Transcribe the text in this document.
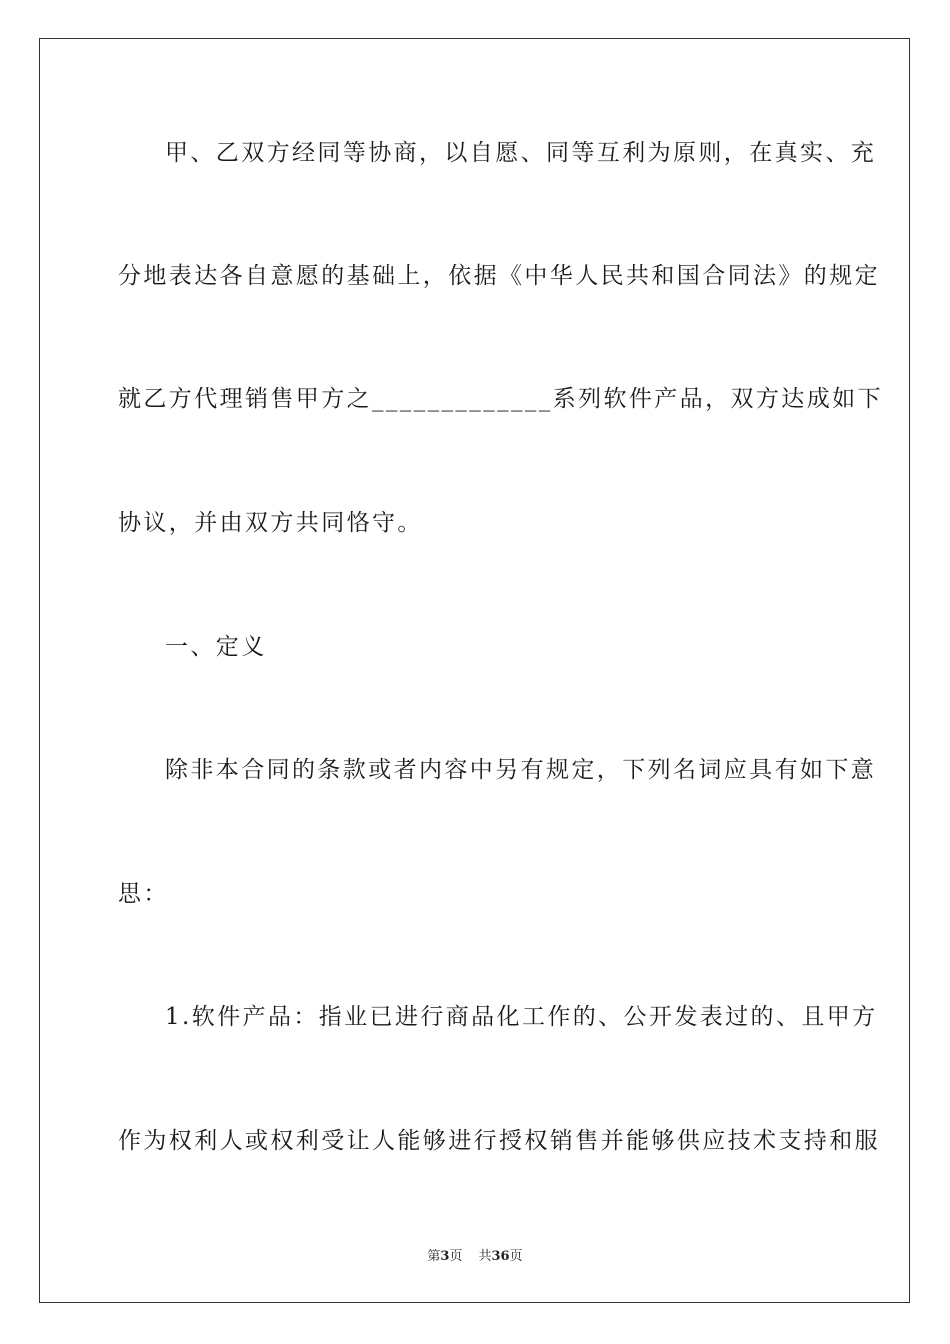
甲、乙双方经同等协商，以自愿、同等互利为原则，在真实、充
分地表达各自意愿的基础上，依据《中华人民共和国合同法》的规定
就乙方代理销售甲方之_____________系列软件产品，双方达成如下
协议，并由双方共同恪守。
一、定义
除非本合同的条款或者内容中另有规定，下列名词应具有如下意
思：
1.软件产品：指业已进行商品化工作的、公开发表过的、且甲方
作为权利人或权利受让人能够进行授权销售并能够供应技术支持和服
第3页 共36页
